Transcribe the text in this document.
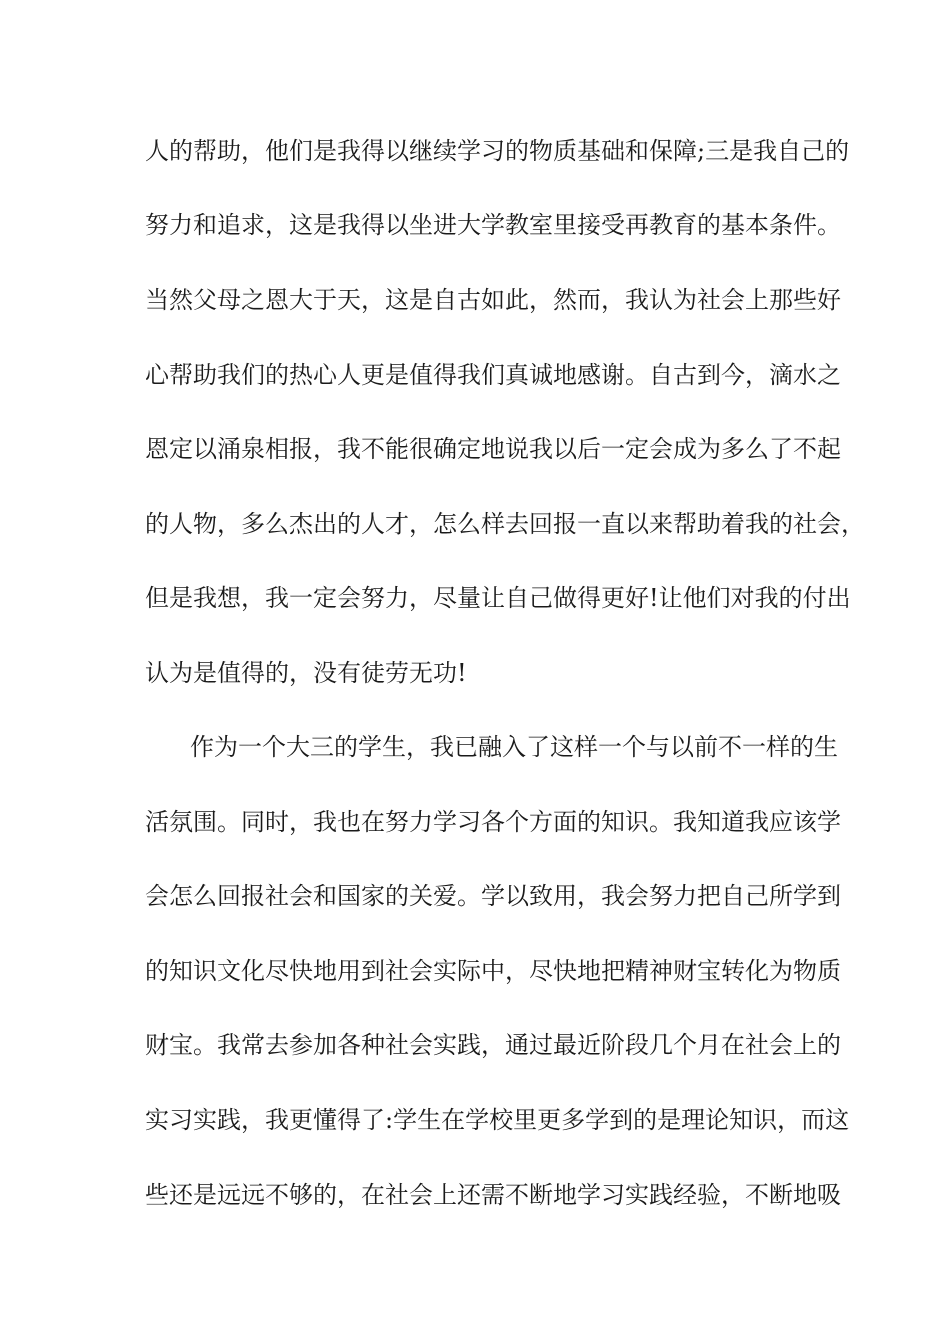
人的帮助，他们是我得以继续学习的物质基础和保障;三是我自己的
努力和追求，这是我得以坐进大学教室里接受再教育的基本条件。
当然父母之恩大于天，这是自古如此，然而，我认为社会上那些好
心帮助我们的热心人更是值得我们真诚地感谢。自古到今，滴水之
恩定以涌泉相报，我不能很确定地说我以后一定会成为多么了不起
的人物，多么杰出的人才，怎么样去回报一直以来帮助着我的社会，
但是我想，我一定会努力，尽量让自己做得更好!让他们对我的付出
认为是值得的，没有徒劳无功!
作为一个大三的学生，我已融入了这样一个与以前不一样的生
活氛围。同时，我也在努力学习各个方面的知识。我知道我应该学
会怎么回报社会和国家的关爱。学以致用，我会努力把自己所学到
的知识文化尽快地用到社会实际中，尽快地把精神财宝转化为物质
财宝。我常去参加各种社会实践，通过最近阶段几个月在社会上的
实习实践，我更懂得了:学生在学校里更多学到的是理论知识，而这
些还是远远不够的，在社会上还需不断地学习实践经验，不断地吸
